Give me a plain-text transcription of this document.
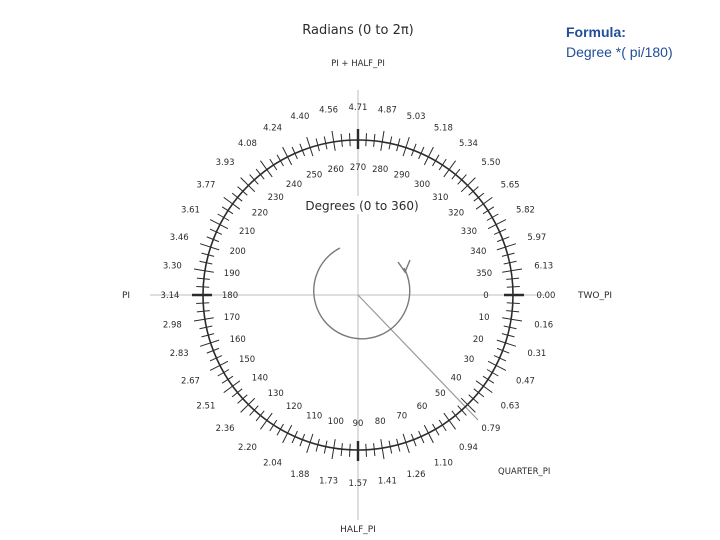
0
10
20
30
40
50
60
70
80
90
100
110
120
130
140
150
160
170
180
190
200
210
220
230
240
250
260 270 280
290
300
310
320
330
340
350
0.00
0.16
0.31
0.47
0.63
0.79
0.94
1.10
1.26
1.41
1.57
1.73
1.88
2.04
2.20
2.36
2.51
2.67
2.83
2.98
3.14
3.30
3.46
3.61
3.77
3.93
4.08
4.24
4.40
4.56 4.71 4.87
5.03
5.18
5.34
5.50
5.65
5.82
5.97
6.13
Radians (0 to 2π)
Degrees (0 to 360)
PI + HALF_PI
PI	TWO_PI
QUARTER_PI
HALF_PI
Formula:
Degree *( pi/180)
